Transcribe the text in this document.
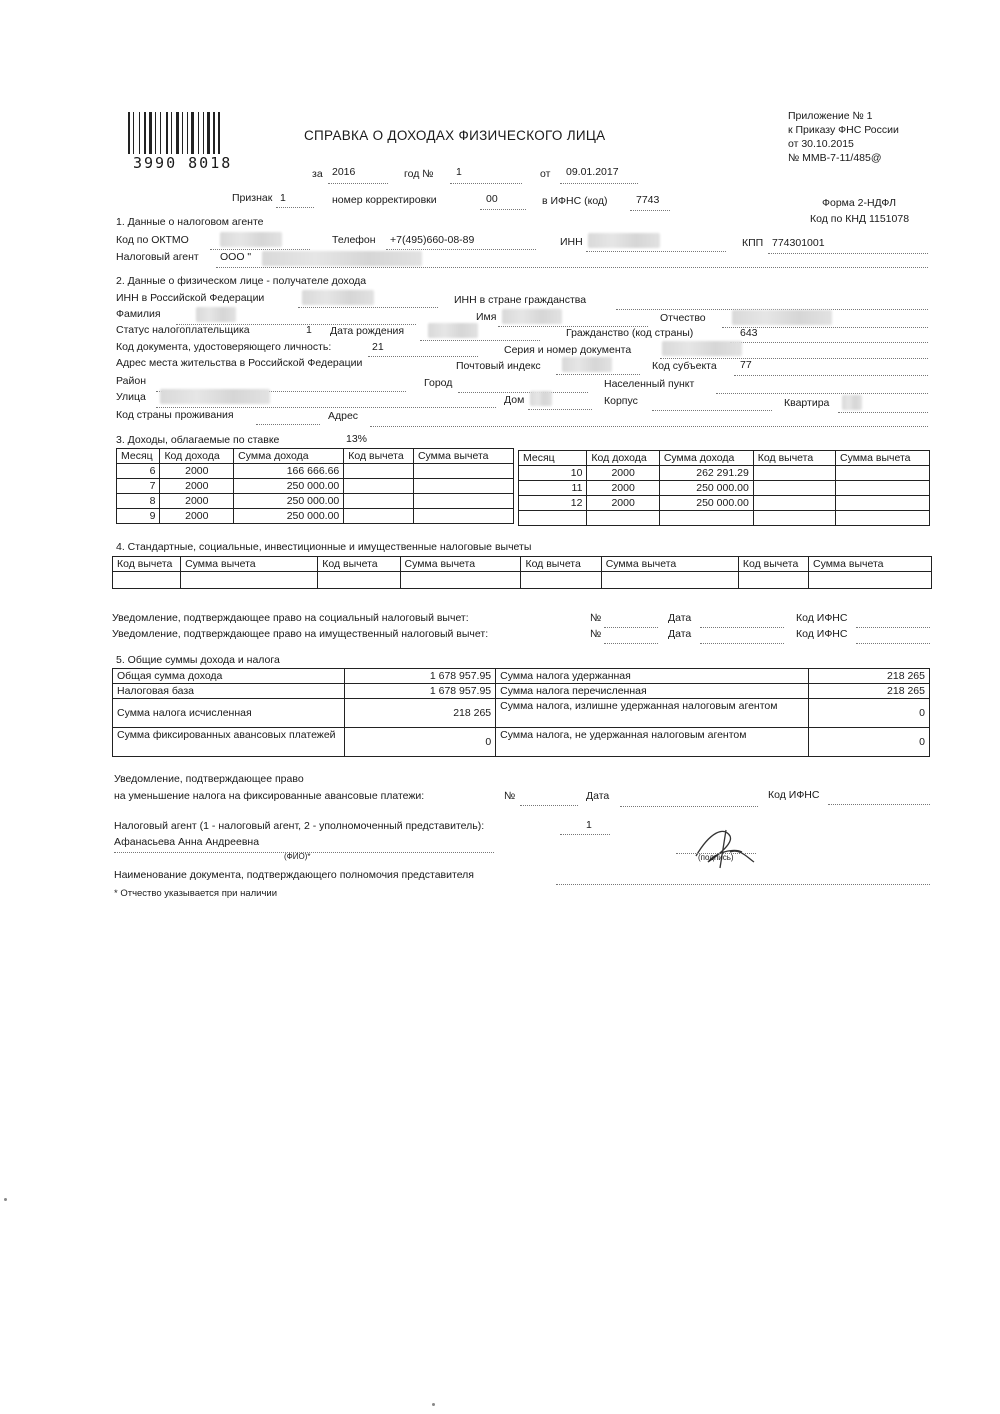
3990 8018
Приложение № 1
к Приказу ФНС России
от 30.10.2015
№ ММВ-7-11/485@
СПРАВКА О ДОХОДАХ ФИЗИЧЕСКОГО ЛИЦА
за 2016	год № 1	от 09.01.2017
Признак 1	номер корректировки	00	в ИФНС (код)	7743	Форма 2-НДФЛ
Код по КНД 1151078
1. Данные о налоговом агенте
Код по ОКТМО	Телефон +7(495)660-08-89	ИНН	КПП 774301001
Налоговый агент ООО "
2. Данные о физическом лице - получателе дохода
ИНН в Российской Федерации	ИНН в стране гражданства
Фамилия	Имя	Отчество
Статус налогоплательщика	1 Дата рождения	Гражданство (код страны)	643
Код документа, удостоверяющего личность:	21	Серия и номер документа
Адрес места жительства в Российской Федерации	Почтовый индекс	Код субъекта 77
Район	Город	Населенный пункт
Улица	Дом	Корпус	Квартира
Код страны проживания	Адрес
3. Доходы, облагаемые по ставке	13%
Месяц	Код дохода	Сумма дохода	Код вычета	Сумма вычета
6	2000	166 666.66		
7	2000	250 000.00		
8	2000	250 000.00		
9	2000	250 000.00		
Месяц	Код дохода	Сумма дохода	Код вычета	Сумма вычета
10	2000	262 291.29		
11	2000	250 000.00		
12	2000	250 000.00		

4. Стандартные, социальные, инвестиционные и имущественные налоговые вычеты
Код вычета	Сумма вычета	Код вычета	Сумма вычета	Код вычета	Сумма вычета	Код вычета	Сумма вычета

Уведомление, подтверждающее право на социальный налоговый вычет:	№	Дата	Код ИФНС
Уведомление, подтверждающее право на имущественный налоговый вычет:	№	Дата	Код ИФНС
5. Общие суммы дохода и налога
Общая сумма дохода	1 678 957.95	Сумма налога удержанная	218 265
Налоговая база	1 678 957.95	Сумма налога перечисленная	218 265
Сумма налога исчисленная	218 265	Сумма налога, излишне удержанная налоговым агентом	0
Сумма фиксированных авансовых платежей	0	Сумма налога, не удержанная налоговым агентом	0
Уведомление, подтверждающее право
на уменьшение налога на фиксированные авансовые платежи:	№	Дата	Код ИФНС
Налоговый агент (1 - налоговый агент, 2 - уполномоченный представитель):	1
Афанасьева Анна Андреевна
(ФИО)*	(подпись)
Наименование документа, подтверждающего полномочия представителя
* Отчество указывается при наличии
